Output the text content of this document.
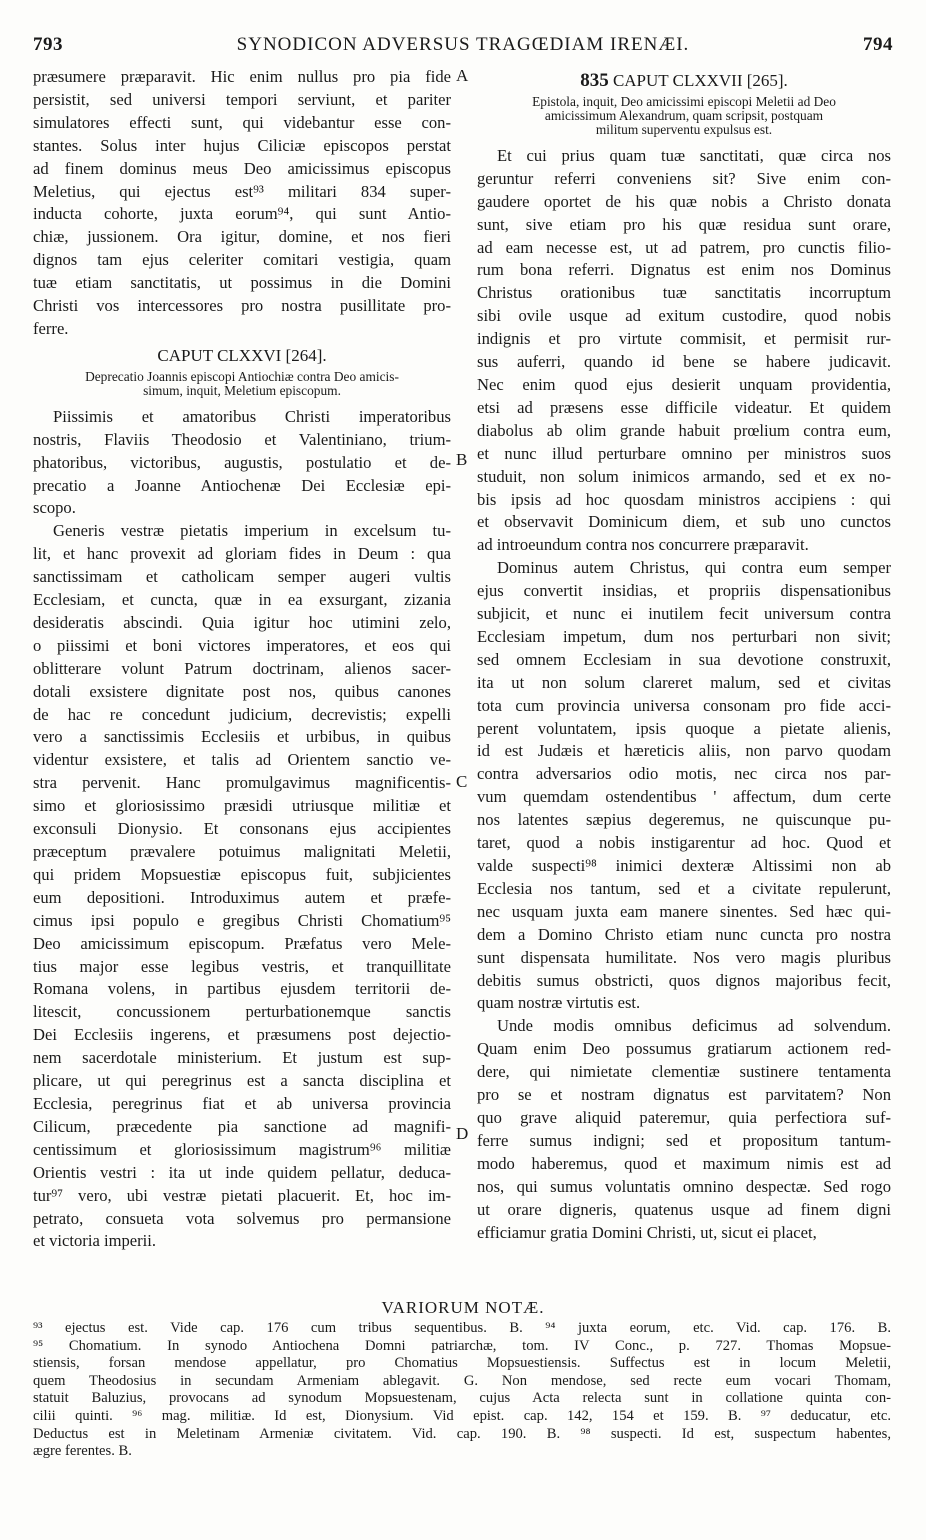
793	SYNODICON ADVERSUS TRAGŒDIAM IRENÆI.	794
A
B
C
D
præsumere præparavit. Hic enim nullus pro pia fide
persistit, sed universi tempori serviunt, et pariter
simulatores effecti sunt, qui videbantur esse con-
stantes. Solus inter hujus Ciliciæ episcopos perstat
ad finem dominus meus Deo amicissimus episcopus
Meletius, qui ejectus est⁹³ militari 834 super-
inducta cohorte, juxta eorum⁹⁴, qui sunt Antio-
chiæ, jussionem. Ora igitur, domine, et nos fieri
dignos tam ejus celeriter comitari vestigia, quam
tuæ etiam sanctitatis, ut possimus in die Domini
Christi vos intercessores pro nostra pusillitate pro-
ferre.
CAPUT CLXXVI [264].
Deprecatio Joannis episcopi Antiochiæ contra Deo amicis-
simum, inquit, Meletium episcopum.
Piissimis et amatoribus Christi imperatoribus
nostris, Flaviis Theodosio et Valentiniano, trium-
phatoribus, victoribus, augustis, postulatio et de-
precatio a Joanne Antiochenæ Dei Ecclesiæ epi-
scopo.
Generis vestræ pietatis imperium in excelsum tu-
lit, et hanc provexit ad gloriam fides in Deum : qua
sanctissimam et catholicam semper augeri vultis
Ecclesiam, et cuncta, quæ in ea exsurgant, zizania
desideratis abscindi. Quia igitur hoc utimini zelo,
o piissimi et boni victores imperatores, et eos qui
oblitterare volunt Patrum doctrinam, alienos sacer-
dotali exsistere dignitate post nos, quibus canones
de hac re concedunt judicium, decrevistis; expelli
vero a sanctissimis Ecclesiis et urbibus, in quibus
videntur exsistere, et talis ad Orientem sanctio ve-
stra pervenit. Hanc promulgavimus magnificentis-
simo et gloriosissimo præsidi utriusque militiæ et
exconsuli Dionysio. Et consonans ejus accipientes
præceptum prævalere potuimus malignitati Meletii,
qui pridem Mopsuestiæ episcopus fuit, subjicientes
eum depositioni. Introduximus autem et præfe-
cimus ipsi populo e gregibus Christi Chomatium⁹⁵
Deo amicissimum episcopum. Præfatus vero Mele-
tius major esse legibus vestris, et tranquillitate
Romana volens, in partibus ejusdem territorii de-
litescit, concussionem perturbationemque sanctis
Dei Ecclesiis ingerens, et præsumens post dejectio-
nem sacerdotale ministerium. Et justum est sup-
plicare, ut qui peregrinus est a sancta disciplina et
Ecclesia, peregrinus fiat et ab universa provincia
Cilicum, præcedente pia sanctione ad magnifi-
centissimum et gloriosissimum magistrum⁹⁶ militiæ
Orientis vestri : ita ut inde quidem pellatur, deduca-
tur⁹⁷ vero, ubi vestræ pietati placuerit. Et, hoc im-
petrato, consueta vota solvemus pro permansione
et victoria imperii.
835 CAPUT CLXXVII [265].
Epistola, inquit, Deo amicissimi episcopi Meletii ad Deo
amicissimum Alexandrum, quam scripsit, postquam
militum superventu expulsus est.
Et cui prius quam tuæ sanctitati, quæ circa nos
geruntur referri conveniens sit? Sive enim con-
gaudere oportet de his quæ nobis a Christo donata
sunt, sive etiam pro his quæ residua sunt orare,
ad eam necesse est, ut ad patrem, pro cunctis filio-
rum bona referri. Dignatus est enim nos Dominus
Christus orationibus tuæ sanctitatis incorruptum
sibi ovile usque ad exitum custodire, quod nobis
indignis et pro virtute commisit, et permisit rur-
sus auferri, quando id bene se habere judicavit.
Nec enim quod ejus desierit unquam providentia,
etsi ad præsens esse difficile videatur. Et quidem
diabolus ab olim grande habuit prœlium contra eum,
et nunc illud perturbare omnino per ministros suos
studuit, non solum inimicos armando, sed et ex no-
bis ipsis ad hoc quosdam ministros accipiens : qui
et observavit Dominicum diem, et sub uno cunctos
ad introeundum contra nos concurrere præparavit.
Dominus autem Christus, qui contra eum semper
ejus convertit insidias, et propriis dispensationibus
subjicit, et nunc ei inutilem fecit universum contra
Ecclesiam impetum, dum nos perturbari non sivit;
sed omnem Ecclesiam in sua devotione construxit,
ita ut non solum clareret malum, sed et civitas
tota cum provincia universa consonam pro fide acci-
perent voluntatem, ipsis quoque a pietate alienis,
id est Judæis et hæreticis aliis, non parvo quodam
contra adversarios odio motis, nec circa nos par-
vum quemdam ostendentibus ' affectum, dum certe
nos latentes sæpius degeremus, ne quiscunque pu-
taret, quod a nobis instigarentur ad hoc. Quod et
valde suspecti⁹⁸ inimici dexteræ Altissimi non ab
Ecclesia nos tantum, sed et a civitate repulerunt,
nec usquam juxta eam manere sinentes. Sed hæc qui-
dem a Domino Christo etiam nunc cuncta pro nostra
sunt dispensata humilitate. Nos vero magis pluribus
debitis sumus obstricti, quos dignos majoribus fecit,
quam nostræ virtutis est.
Unde modis omnibus deficimus ad solvendum.
Quam enim Deo possumus gratiarum actionem red-
dere, qui nimietate clementiæ sustinere tentamenta
pro se et nostram dignatus est parvitatem? Non
quo grave aliquid pateremur, quia perfectiora suf-
ferre sumus indigni; sed et propositum tantum-
modo haberemus, quod et maximum nimis est ad
nos, qui sumus voluntatis omnino despectæ. Sed rogo
ut orare digneris, quatenus usque ad finem digni
efficiamur gratia Domini Christi, ut, sicut ei placet,
VARIORUM NOTÆ.
⁹³ ejectus est. Vide cap. 176 cum tribus sequentibus. B. ⁹⁴ juxta eorum, etc. Vid. cap. 176. B.
⁹⁵ Chomatium. In synodo Antiochena Domni patriarchæ, tom. IV Conc., p. 727. Thomas Mopsue-
stiensis, forsan mendose appellatur, pro Chomatius Mopsuestiensis. Suffectus est in locum Meletii,
quem Theodosius in secundam Armeniam ablegavit. G. Non mendose, sed recte eum vocari Thomam,
statuit Baluzius, provocans ad synodum Mopsuestenam, cujus Acta relecta sunt in collatione quinta con-
cilii quinti. ⁹⁶ mag. militiæ. Id est, Dionysium. Vid epist. cap. 142, 154 et 159. B. ⁹⁷ deducatur, etc.
Deductus est in Meletinam Armeniæ civitatem. Vid. cap. 190. B. ⁹⁸ suspecti. Id est, suspectum habentes,
ægre ferentes. B.
